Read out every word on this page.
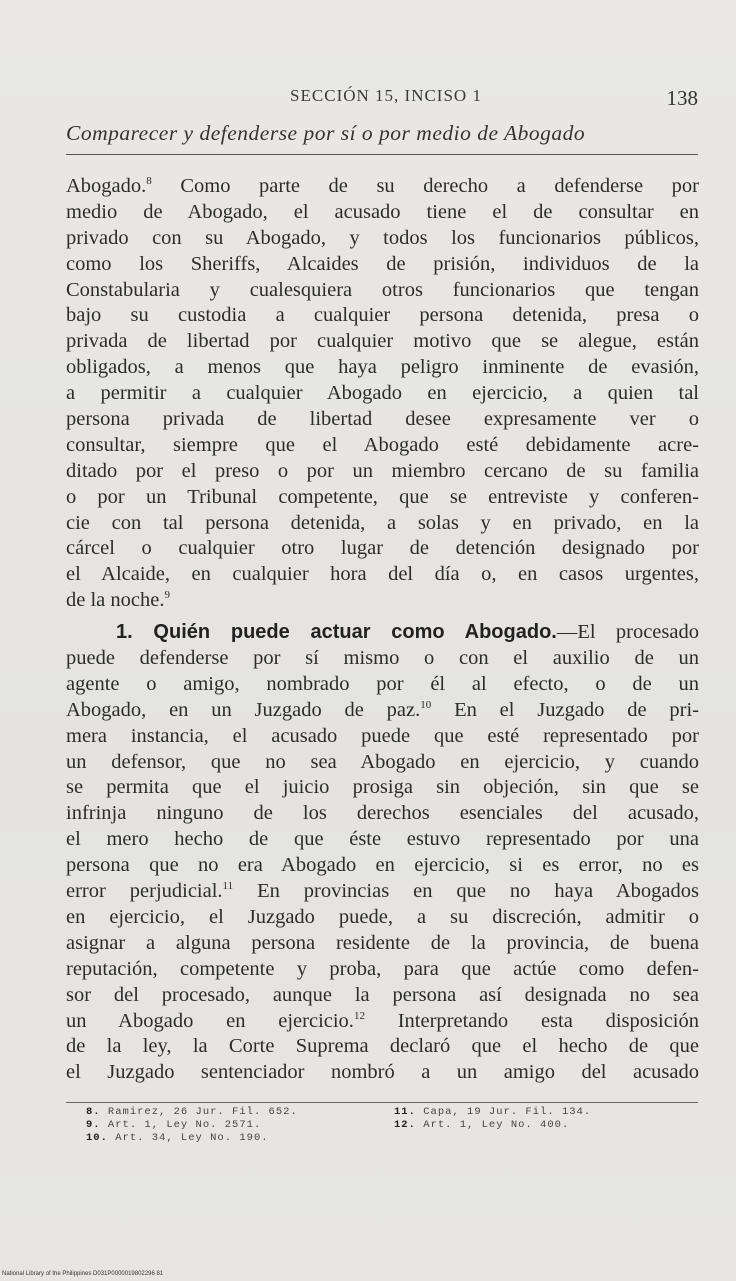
SECCIÓN 15, INCISO 1	138
Comparecer y defenderse por sí o por medio de Abogado
Abogado.$^8$ Como parte de su derecho a defenderse por
medio de Abogado, el acusado tiene el de consultar en
privado con su Abogado, y todos los funcionarios públicos,
como los Sheriffs, Alcaides de prisión, individuos de la
Constabularia y cualesquiera otros funcionarios que tengan
bajo su custodia a cualquier persona detenida, presa o
privada de libertad por cualquier motivo que se alegue, están
obligados, a menos que haya peligro inminente de evasión,
a permitir a cualquier Abogado en ejercicio, a quien tal
persona privada de libertad desee expresamente ver o
consultar, siempre que el Abogado esté debidamente acre-
ditado por el preso o por un miembro cercano de su familia
o por un Tribunal competente, que se entreviste y conferen-
cie con tal persona detenida, a solas y en privado, en la
cárcel o cualquier otro lugar de detención designado por
el Alcaide, en cualquier hora del día o, en casos urgentes,
de la noche.$^9$
1. Quién puede actuar como Abogado.—El procesado
puede defenderse por sí mismo o con el auxilio de un
agente o amigo, nombrado por él al efecto, o de un
Abogado, en un Juzgado de paz.$^{10}$ En el Juzgado de pri-
mera instancia, el acusado puede que esté representado por
un defensor, que no sea Abogado en ejercicio, y cuando
se permita que el juicio prosiga sin objeción, sin que se
infrinja ninguno de los derechos esenciales del acusado,
el mero hecho de que éste estuvo representado por una
persona que no era Abogado en ejercicio, si es error, no es
error perjudicial.$^{11}$ En provincias en que no haya Abogados
en ejercicio, el Juzgado puede, a su discreción, admitir o
asignar a alguna persona residente de la provincia, de buena
reputación, competente y proba, para que actúe como defen-
sor del procesado, aunque la persona así designada no sea
un Abogado en ejercicio.$^{12}$ Interpretando esta disposición
de la ley, la Corte Suprema declaró que el hecho de que
el Juzgado sentenciador nombró a un amigo del acusado
8. Ramirez, 26 Jur. Fil. 652.
9. Art. 1, Ley No. 2571.
10. Art. 34, Ley No. 190.
11. Capa, 19 Jur. Fil. 134.
12. Art. 1, Ley No. 400.
National Library of the Philippines D031P0000019802296 81
